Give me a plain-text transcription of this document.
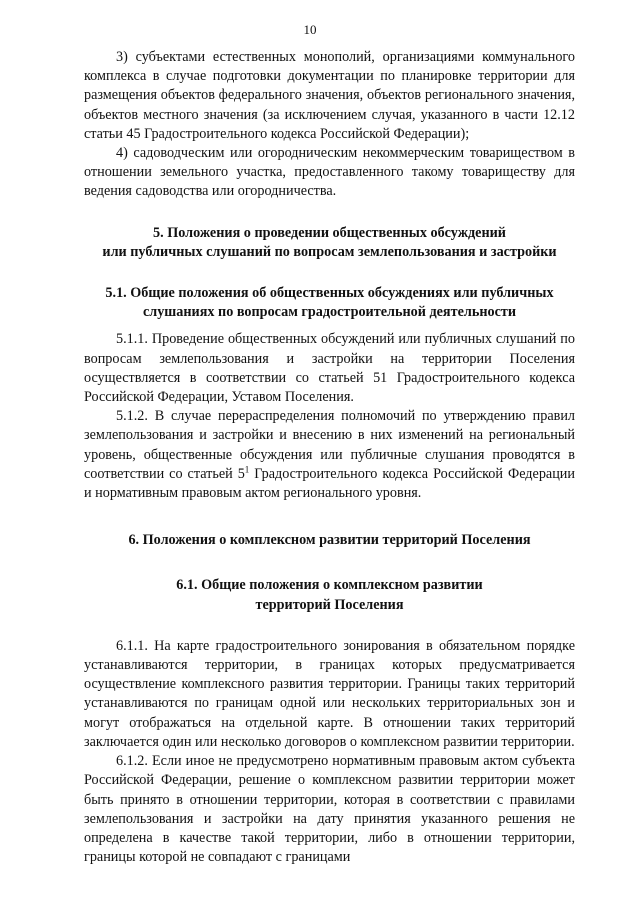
10

3) субъектами естественных монополий, организациями коммунального комплекса в случае подготовки документации по планировке территории для размещения объектов федерального значения, объектов регионального значения, объектов местного значения (за исключением случая, указанного в части 12.12 статьи 45 Градостроительного кодекса Российской Федерации);

4) садоводческим или огородническим некоммерческим товариществом в отношении земельного участка, предоставленного такому товариществу для ведения садоводства или огородничества.

5. Положения о проведении общественных обсуждений
или публичных слушаний по вопросам землепользования и застройки
5.1. Общие положения об общественных обсуждениях или публичных
слушаниях по вопросам градостроительной деятельности

5.1.1. Проведение общественных обсуждений или публичных слушаний по вопросам землепользования и застройки на территории Поселения осуществляется в соответствии со статьей 51 Градостроительного кодекса Российской Федерации, Уставом Поселения.

5.1.2. В случае перераспределения полномочий по утверждению правил землепользования и застройки и внесению в них изменений на региональный уровень, общественные обсуждения или публичные слушания проводятся в соответствии со статьей $5^1$ Градостроительного кодекса Российской Федерации и нормативным правовым актом регионального уровня.

6. Положения о комплексном развитии территорий Поселения
6.1. Общие положения о комплексном развитии
территорий Поселения

6.1.1. На карте градостроительного зонирования в обязательном порядке устанавливаются территории, в границах которых предусматривается осуществление комплексного развития территории. Границы таких территорий устанавливаются по границам одной или нескольких территориальных зон и могут отображаться на отдельной карте. В отношении таких территорий заключается один или несколько договоров о комплексном развитии территории.

6.1.2. Если иное не предусмотрено нормативным правовым актом субъекта Российской Федерации, решение о комплексном развитии территории может быть принято в отношении территории, которая в соответствии с правилами землепользования и застройки на дату принятия указанного решения не определена в качестве такой территории, либо в отношении территории, границы которой не совпадают с границами
